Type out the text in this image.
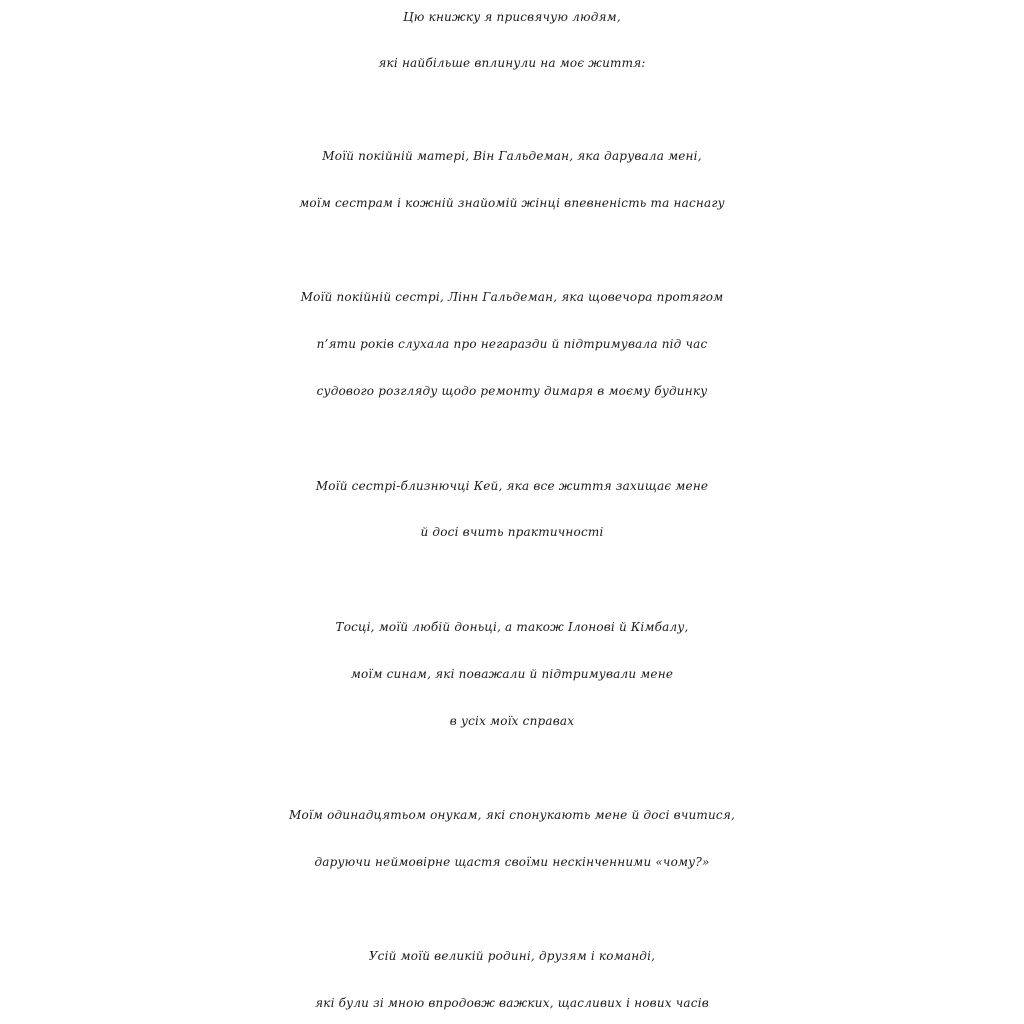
Цю книжку я присвячую людям,

які найбільше вплинули на моє життя:

Моїй покійній матері, Він Гальдеман, яка дарувала мені,

моїм сестрам і кожній знайомій жінці впевненість та наснагу

Моїй покійній сестрі, Лінн Гальдеман, яка щовечора протягом

п’яти років слухала про негаразди й підтримувала під час

судового розгляду щодо ремонту димаря в моєму будинку

Моїй сестрі-близнючці Кей, яка все життя захищає мене

й досі вчить практичності

Тосці, моїй любій доньці, а також Ілонові й Кімбалу,

моїм синам, які поважали й підтримували мене

в усіх моїх справах

Моїм одинадцятьом онукам, які спонукають мене й досі вчитися,

даруючи неймовірне щастя своїми нескінченними «чому?»

Усій моїй великій родині, друзям і команді,

які були зі мною впродовж важких, щасливих і нових часів
